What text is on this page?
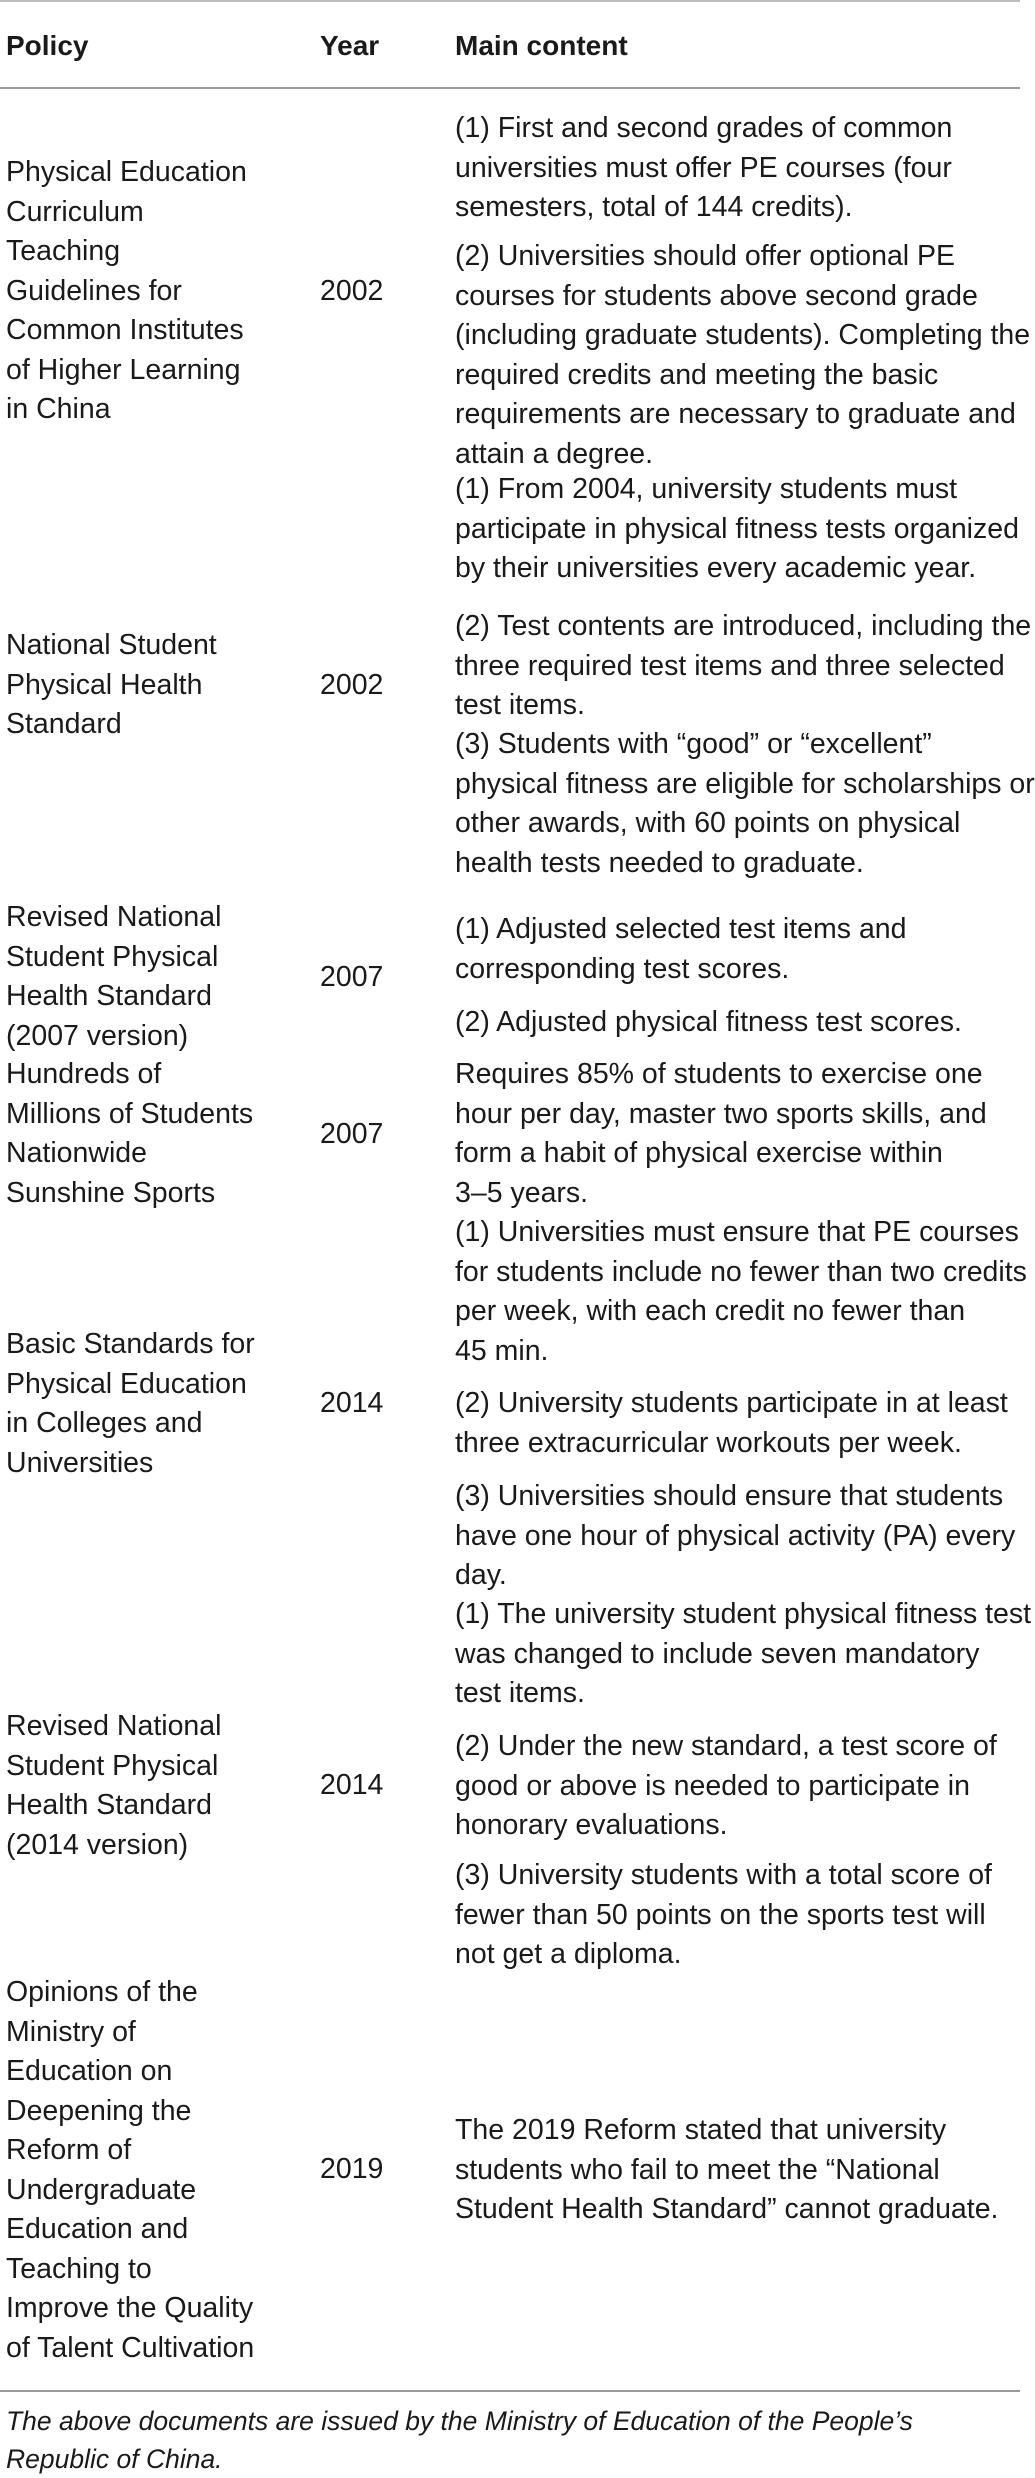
Policy	Year	Main content
Physical Education
Curriculum
Teaching
Guidelines for
Common Institutes
of Higher Learning
in China
2002
(1) First and second grades of common
universities must offer PE courses (four
semesters, total of 144 credits).
(2) Universities should offer optional PE
courses for students above second grade
(including graduate students). Completing the
required credits and meeting the basic
requirements are necessary to graduate and
attain a degree.
National Student
Physical Health
Standard
2002
(1) From 2004, university students must
participate in physical fitness tests organized
by their universities every academic year.
(2) Test contents are introduced, including the
three required test items and three selected
test items.
(3) Students with “good” or “excellent”
physical fitness are eligible for scholarships or
other awards, with 60 points on physical
health tests needed to graduate.
Revised National
Student Physical
Health Standard
(2007 version)
2007
(1) Adjusted selected test items and
corresponding test scores.
(2) Adjusted physical fitness test scores.
Hundreds of
Millions of Students
Nationwide
Sunshine Sports
2007
Requires 85% of students to exercise one
hour per day, master two sports skills, and
form a habit of physical exercise within
3–5 years.
Basic Standards for
Physical Education
in Colleges and
Universities
2014
(1) Universities must ensure that PE courses
for students include no fewer than two credits
per week, with each credit no fewer than
45 min.
(2) University students participate in at least
three extracurricular workouts per week.
(3) Universities should ensure that students
have one hour of physical activity (PA) every
day.
Revised National
Student Physical
Health Standard
(2014 version)
2014
(1) The university student physical fitness test
was changed to include seven mandatory
test items.
(2) Under the new standard, a test score of
good or above is needed to participate in
honorary evaluations.
(3) University students with a total score of
fewer than 50 points on the sports test will
not get a diploma.
Opinions of the
Ministry of
Education on
Deepening the
Reform of
Undergraduate
Education and
Teaching to
Improve the Quality
of Talent Cultivation
2019
The 2019 Reform stated that university
students who fail to meet the “National
Student Health Standard” cannot graduate.
The above documents are issued by the Ministry of Education of the People’s Republic of China.
